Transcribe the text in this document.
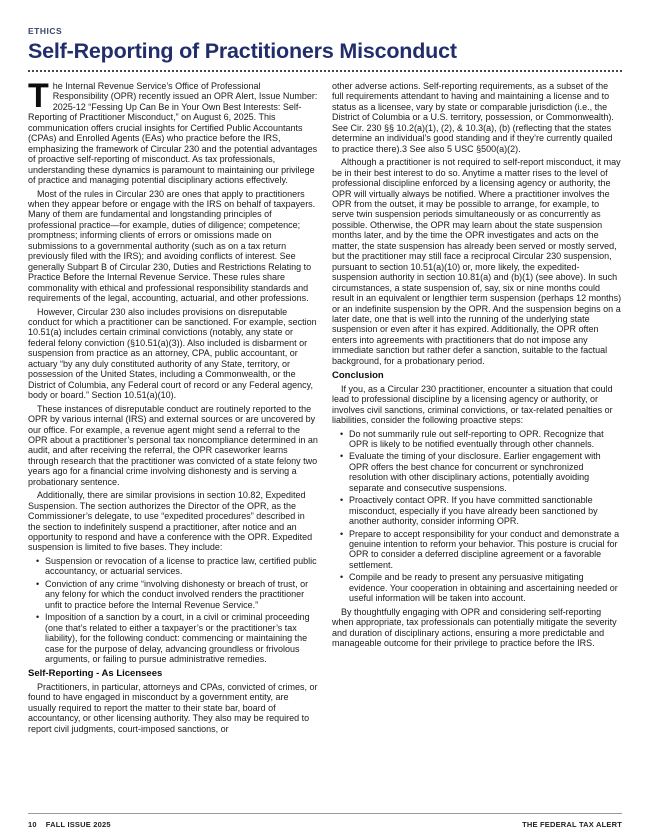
ETHICS
Self-Reporting of Practitioners Misconduct

The Internal Revenue Service’s Office of Professional Responsibility (OPR) recently issued an OPR Alert, Issue Number: 2025-12 “Fessing Up Can Be in Your Own Best Interests: Self-Reporting of Practitioner Misconduct,” on August 6, 2025. This communication offers crucial insights for Certified Public Accountants (CPAs) and Enrolled Agents (EAs) who practice before the IRS, emphasizing the framework of Circular 230 and the potential advantages of proactive self-reporting of misconduct. As tax professionals, understanding these dynamics is paramount to maintaining our privilege of practice and managing potential disciplinary actions effectively.

Most of the rules in Circular 230 are ones that apply to practitioners when they appear before or engage with the IRS on behalf of taxpayers. Many of them are fundamental and longstanding principles of professional practice—for example, duties of diligence; competence; promptness; informing clients of errors or omissions made on submissions to a governmental authority (such as on a tax return previously filed with the IRS); and avoiding conflicts of interest. See generally Subpart B of Circular 230, Duties and Restrictions Relating to Practice Before the Internal Revenue Service. These rules share commonality with ethical and professional responsibility standards and requirements of the legal, accounting, actuarial, and other professions.

However, Circular 230 also includes provisions on disreputable conduct for which a practitioner can be sanctioned. For example, section 10.51(a) includes certain criminal convictions (notably, any state or federal felony conviction (§10.51(a)(3)). Also included is disbarment or suspension from practice as an attorney, CPA, public accountant, or actuary “by any duly constituted authority of any State, territory, or possession of the United States, including a Commonwealth, or the District of Columbia, any Federal court of record or any Federal agency, body or board.” Section 10.51(a)(10).

These instances of disreputable conduct are routinely reported to the OPR by various internal (IRS) and external sources or are uncovered by our office. For example, a revenue agent might send a referral to the OPR about a practitioner’s personal tax noncompliance determined in an audit, and after receiving the referral, the OPR caseworker learns through research that the practitioner was convicted of a state felony two years ago for a financial crime involving dishonesty and is serving a probationary sentence.

Additionally, there are similar provisions in section 10.82, Expedited Suspension. The section authorizes the Director of the OPR, as the Commissioner’s delegate, to use “expedited procedures” described in the section to indefinitely suspend a practitioner, after notice and an opportunity to respond and have a conference with the OPR. Expedited suspension is limited to five bases. They include:

• Suspension or revocation of a license to practice law, certified public accountancy, or actuarial services.
• Conviction of any crime “involving dishonesty or breach of trust, or any felony for which the conduct involved renders the practitioner unfit to practice before the Internal Revenue Service.”
• Imposition of a sanction by a court, in a civil or criminal proceeding (one that’s related to either a taxpayer’s or the practitioner’s tax liability), for the following conduct: commencing or maintaining the case for the purpose of delay, advancing groundless or frivolous arguments, or failing to pursue administrative remedies.
Self-Reporting - As Licensees

Practitioners, in particular, attorneys and CPAs, convicted of crimes, or found to have engaged in misconduct by a government entity, are usually required to report the matter to their state bar, board of accountancy, or other licensing authority. They also may be required to report civil judgments, court-imposed sanctions, or

other adverse actions. Self-reporting requirements, as a subset of the full requirements attendant to having and maintaining a license and to status as a licensee, vary by state or comparable jurisdiction (i.e., the District of Columbia or a U.S. territory, possession, or Commonwealth). See Cir. 230 §§ 10.2(a)(1), (2), & 10.3(a), (b) (reflecting that the states determine an individual’s good standing and if they’re currently quailed to practice there).3 See also 5 USC §500(a)(2).

Although a practitioner is not required to self-report misconduct, it may be in their best interest to do so. Anytime a matter rises to the level of professional discipline enforced by a licensing agency or authority, the OPR will virtually always be notified. Where a practitioner involves the OPR from the outset, it may be possible to arrange, for example, to serve twin suspension periods simultaneously or as concurrently as possible. Otherwise, the OPR may learn about the state suspension months later, and by the time the OPR investigates and acts on the matter, the state suspension has already been served or mostly served, but the practitioner may still face a reciprocal Circular 230 suspension, pursuant to section 10.51(a)(10) or, more likely, the expedited-suspension authority in section 10.81(a) and (b)(1) (see above). In such circumstances, a state suspension of, say, six or nine months could result in an equivalent or lengthier term suspension (perhaps 12 months) or an indefinite suspension by the OPR. And the suspension begins on a later date, one that is well into the running of the underlying state suspension or even after it has expired. Additionally, the OPR often enters into agreements with practitioners that do not impose any immediate sanction but rather defer a sanction, suitable to the factual background, for a probationary period.

Conclusion

If you, as a Circular 230 practitioner, encounter a situation that could lead to professional discipline by a licensing agency or authority, or involves civil sanctions, criminal convictions, or tax-related penalties or liabilities, consider the following proactive steps:

• Do not summarily rule out self-reporting to OPR. Recognize that OPR is likely to be notified eventually through other channels.
• Evaluate the timing of your disclosure. Earlier engagement with OPR offers the best chance for concurrent or synchronized resolution with other disciplinary actions, potentially avoiding separate and consecutive suspensions.
• Proactively contact OPR. If you have committed sanctionable misconduct, especially if you have already been sanctioned by another authority, consider informing OPR.
• Prepare to accept responsibility for your conduct and demonstrate a genuine intention to reform your behavior. This posture is crucial for OPR to consider a deferred discipline agreement or a favorable settlement.
• Compile and be ready to present any persuasive mitigating evidence. Your cooperation in obtaining and ascertaining needed or useful information will be taken into account.

By thoughtfully engaging with OPR and considering self-reporting when appropriate, tax professionals can potentially mitigate the severity and duration of disciplinary actions, ensuring a more predictable and manageable outcome for their privilege to practice before the IRS.

10 FALL ISSUE 2025	THE FEDERAL TAX ALERT
